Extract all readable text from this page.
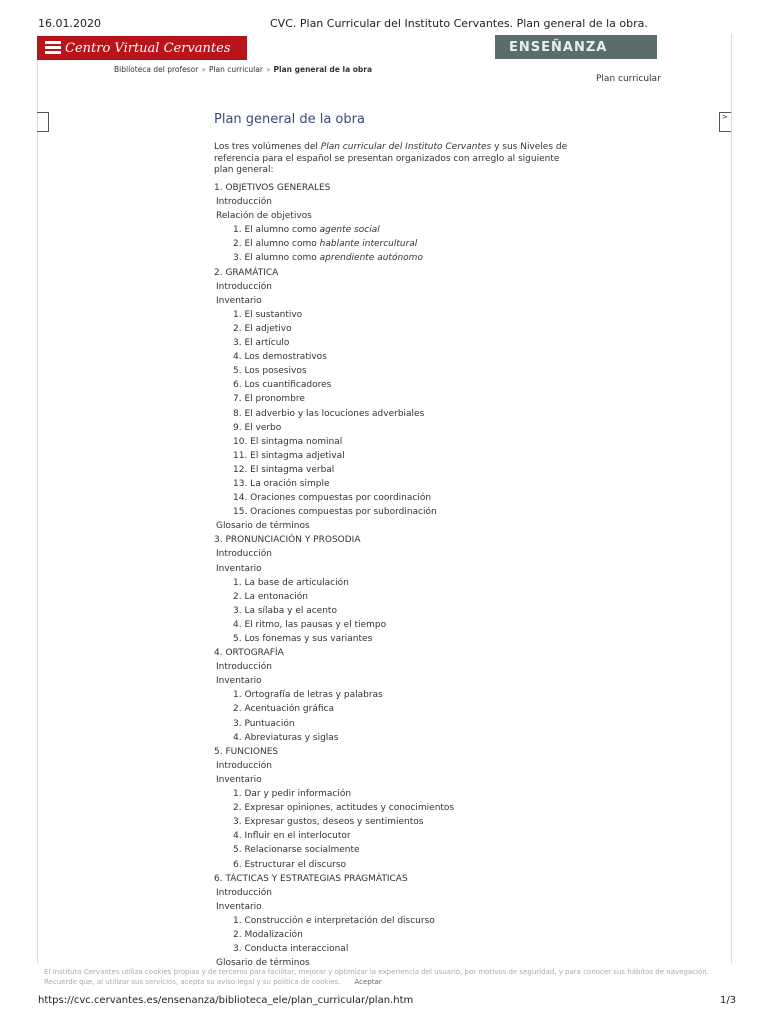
16.01.2020	CVC. Plan Curricular del Instituto Cervantes. Plan general de la obra.
Centro Virtual Cervantes	ENSEÑANZA
Biblioteca del profesor » Plan curricular » Plan general de la obra
Plan curricular
>
Plan general de la obra
Los tres volúmenes del Plan curricular del Instituto Cervantes y sus Niveles de referencia para el español se presentan organizados con arreglo al siguiente plan general:
1. OBJETIVOS GENERALES
Introducción
Relación de objetivos
1. El alumno como agente social
2. El alumno como hablante intercultural
3. El alumno como aprendiente autónomo
2. GRAMÁTICA
Introducción
Inventario
1. El sustantivo
2. El adjetivo
3. El artículo
4. Los demostrativos
5. Los posesivos
6. Los cuantificadores
7. El pronombre
8. El adverbio y las locuciones adverbiales
9. El verbo
10. El sintagma nominal
11. El sintagma adjetival
12. El sintagma verbal
13. La oración simple
14. Oraciones compuestas por coordinación
15. Oraciones compuestas por subordinación
Glosario de términos
3. PRONUNCIACIÓN Y PROSODIA
Introducción
Inventario
1. La base de articulación
2. La entonación
3. La sílaba y el acento
4. El ritmo, las pausas y el tiempo
5. Los fonemas y sus variantes
4. ORTOGRAFÍA
Introducción
Inventario
1. Ortografía de letras y palabras
2. Acentuación gráfica
3. Puntuación
4. Abreviaturas y siglas
5. FUNCIONES
Introducción
Inventario
1. Dar y pedir información
2. Expresar opiniones, actitudes y conocimientos
3. Expresar gustos, deseos y sentimientos
4. Influir en el interlocutor
5. Relacionarse socialmente
6. Estructurar el discurso
6. TÁCTICAS Y ESTRATEGIAS PRAGMÁTICAS
Introducción
Inventario
1. Construcción e interpretación del discurso
2. Modalización
3. Conducta interaccional
Glosario de términos
El Instituto Cervantes utiliza cookies propias y de terceros para facilitar, mejorar y optimizar la experiencia del usuario, por motivos de seguridad, y para conocer sus hábitos de navegación. Recuerde que, al utilizar sus servicios, acepta su aviso legal y su política de cookies. Aceptar
https://cvc.cervantes.es/ensenanza/biblioteca_ele/plan_curricular/plan.htm	1/3
